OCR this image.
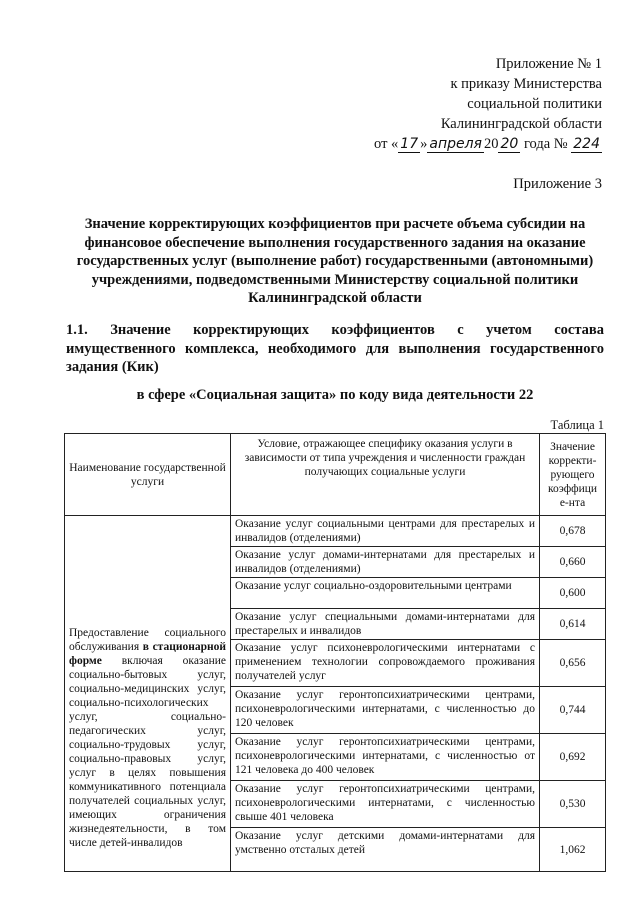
Приложение № 1
к приказу Министерства
социальной политики
Калининградской области
от « 17 » апреля 20 20 года № 224
Приложение 3
Значение корректирующих коэффициентов при расчете объема субсидии на финансовое обеспечение выполнения государственного задания на оказание государственных услуг (выполнение работ) государственными (автономными) учреждениями, подведомственными Министерству социальной политики Калининградской области
1.1. Значение корректирующих коэффициентов с учетом состава имущественного комплекса, необходимого для выполнения государственного задания (Кик)
в сфере «Социальная защита» по коду вида деятельности 22
Таблица 1
Наименование государственной услуги	Условие, отражающее специфику оказания услуги в зависимости от типа учреждения и численности граждан получающих социальные услуги	Значение корректи-рующего коэффици е-нта
Предоставление социального обслуживания в стационарной форме включая оказание социально-бытовых услуг, социально-медицинских услуг, социально-психологических услуг, социально-педагогических услуг, социально-трудовых услуг, социально-правовых услуг, услуг в целях повышения коммуникативного потенциала получателей социальных услуг, имеющих ограничения жизнедеятельности, в том числе детей-инвалидов	Оказание услуг социальными центрами для престарелых и инвалидов (отделениями)	0,678
	Оказание услуг домами-интернатами для престарелых и инвалидов (отделениями)	0,660
	Оказание услуг социально-оздоровительными центрами	0,600
	Оказание услуг специальными домами-интернатами для престарелых и инвалидов	0,614
	Оказание услуг психоневрологическими интернатами с применением технологии сопровождаемого проживания получателей услуг	0,656
	Оказание услуг геронтопсихиатрическими центрами, психоневрологическими интернатами, с численностью до 120 человек	0,744
	Оказание услуг геронтопсихиатрическими центрами, психоневрологическими интернатами, с численностью от 121 человека до 400 человек	0,692
	Оказание услуг геронтопсихиатрическими центрами, психоневрологическими интернатами, с численностью свыше 401 человека	0,530
	Оказание услуг детскими домами-интернатами для умственно отсталых детей	1,062
